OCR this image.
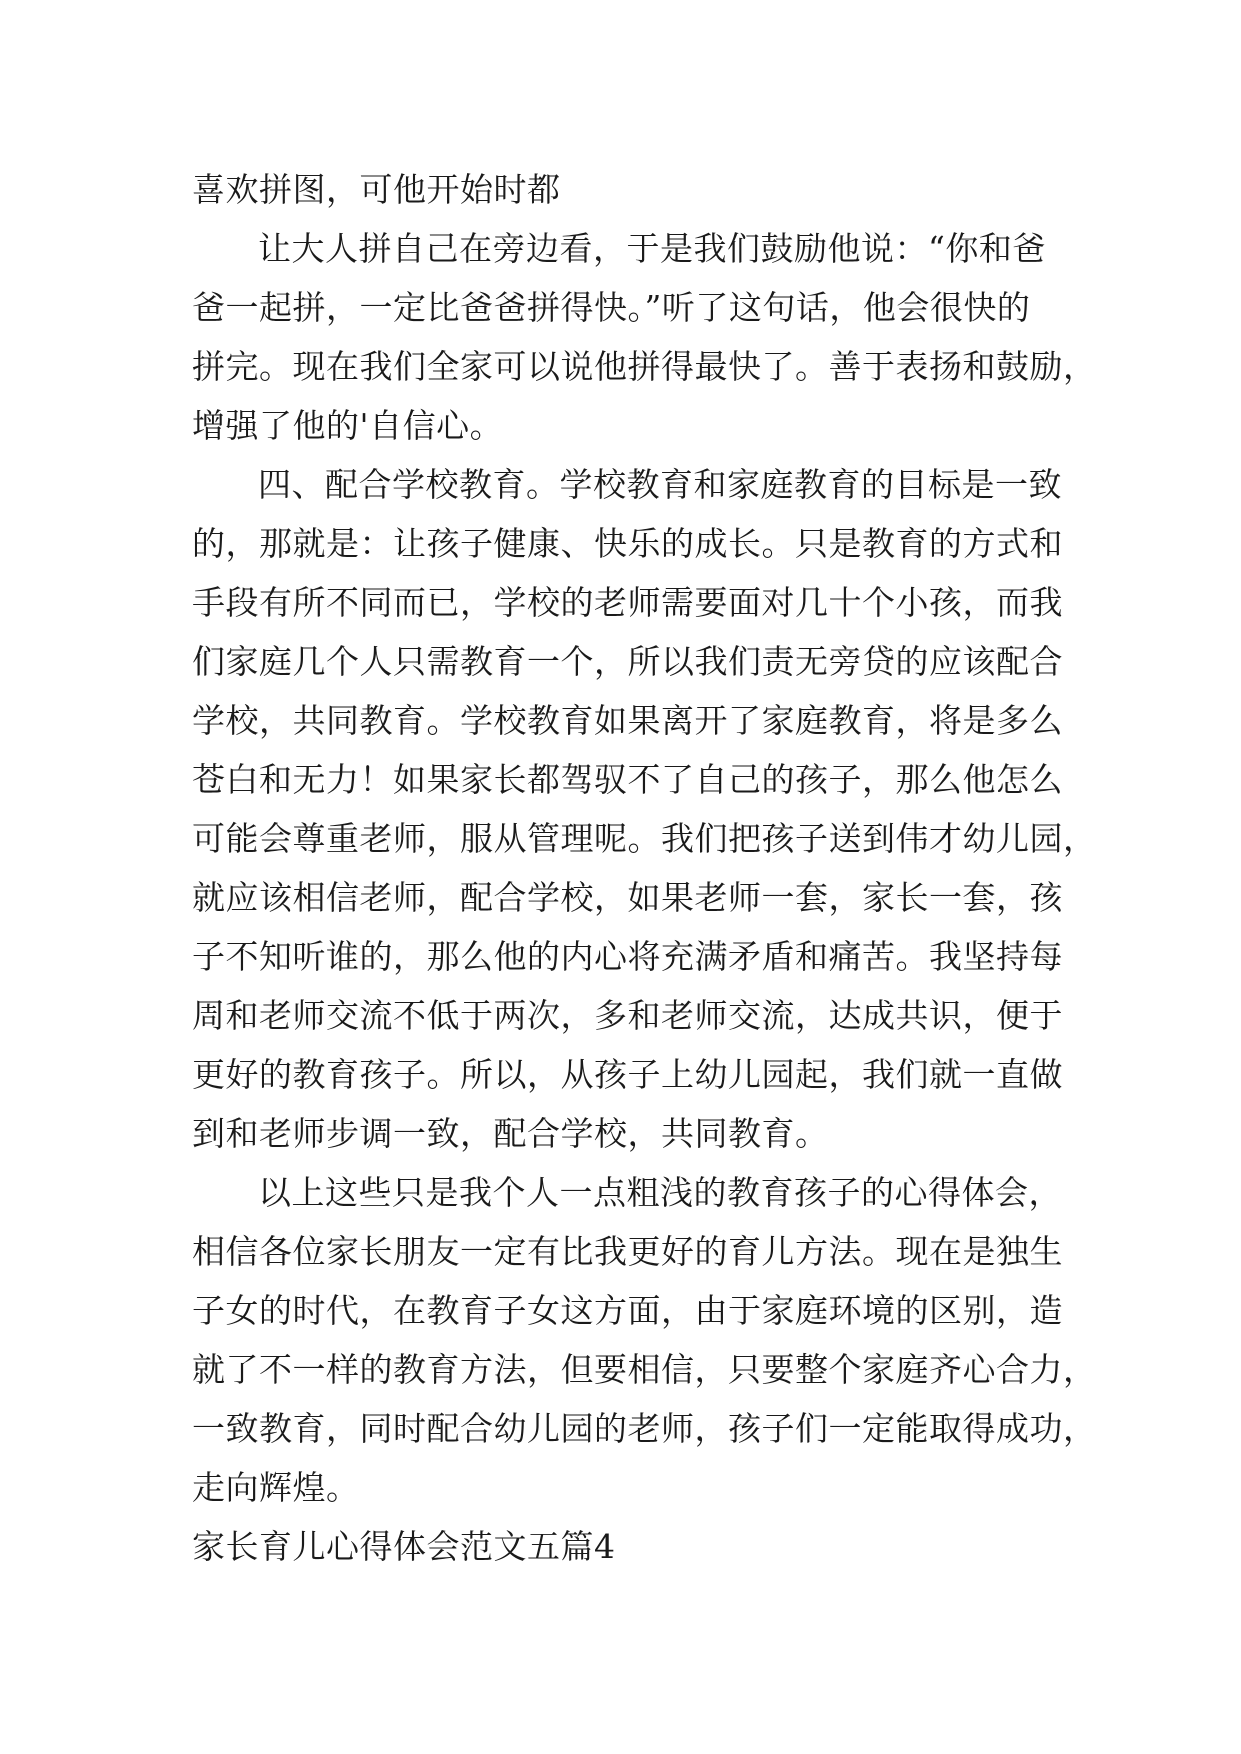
喜欢拼图，可他开始时都
让大人拼自己在旁边看，于是我们鼓励他说：“你和爸
爸一起拼，一定比爸爸拼得快。”听了这句话，他会很快的
拼完。现在我们全家可以说他拼得最快了。善于表扬和鼓励，
增强了他的'自信心。
四、配合学校教育。学校教育和家庭教育的目标是一致
的，那就是：让孩子健康、快乐的成长。只是教育的方式和
手段有所不同而已，学校的老师需要面对几十个小孩，而我
们家庭几个人只需教育一个，所以我们责无旁贷的应该配合
学校，共同教育。学校教育如果离开了家庭教育，将是多么
苍白和无力！如果家长都驾驭不了自己的孩子，那么他怎么
可能会尊重老师，服从管理呢。我们把孩子送到伟才幼儿园，
就应该相信老师，配合学校，如果老师一套，家长一套，孩
子不知听谁的，那么他的内心将充满矛盾和痛苦。我坚持每
周和老师交流不低于两次，多和老师交流，达成共识，便于
更好的教育孩子。所以，从孩子上幼儿园起，我们就一直做
到和老师步调一致，配合学校，共同教育。
以上这些只是我个人一点粗浅的教育孩子的心得体会，
相信各位家长朋友一定有比我更好的育儿方法。现在是独生
子女的时代，在教育子女这方面，由于家庭环境的区别，造
就了不一样的教育方法，但要相信，只要整个家庭齐心合力，
一致教育，同时配合幼儿园的老师，孩子们一定能取得成功，
走向辉煌。
家长育儿心得体会范文五篇4
